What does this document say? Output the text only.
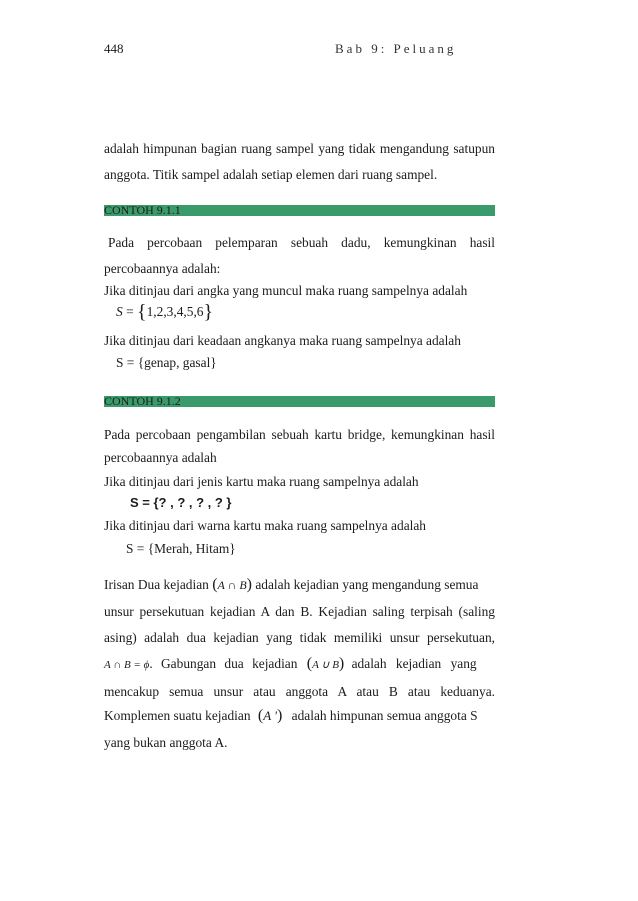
448	Bab 9: Peluang
adalah himpunan bagian ruang sampel yang tidak mengandung satupun
anggota. Titik sampel adalah setiap elemen dari ruang sampel.
CONTOH 9.1.1
Pada percobaan pelemparan sebuah dadu, kemungkinan hasil
percobaannya adalah:
Jika ditinjau dari angka yang muncul maka ruang sampelnya adalah
S = {1,2,3,4,5,6}
Jika ditinjau dari keadaan angkanya maka ruang sampelnya adalah
S = {genap, gasal}
CONTOH 9.1.2
Pada percobaan pengambilan sebuah kartu bridge, kemungkinan hasil
percobaannya adalah
Jika ditinjau dari jenis kartu maka ruang sampelnya adalah
S = {? , ? , ? , ? }
Jika ditinjau dari warna kartu maka ruang sampelnya adalah
S = {Merah, Hitam}
Irisan Dua kejadian (A ∩ B) adalah kejadian yang mengandung semua
unsur persekutuan kejadian A dan B. Kejadian saling terpisah (saling
asing) adalah dua kejadian yang tidak memiliki unsur persekutuan,
A ∩ B = ϕ. Gabungan dua kejadian (A ∪ B) adalah kejadian yang
mencakup semua unsur atau anggota A atau B atau keduanya.
Komplemen suatu kejadian (A ') adalah himpunan semua anggota S
yang bukan anggota A.
